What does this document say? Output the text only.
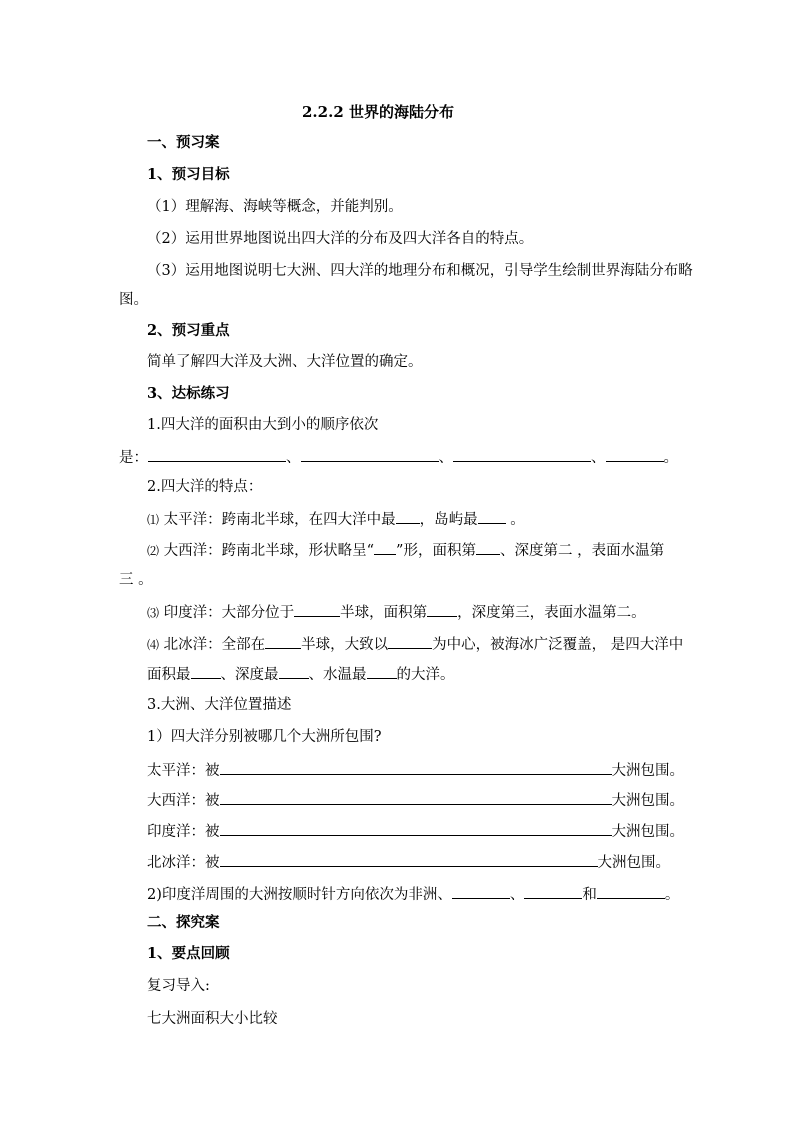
2.2.2 世界的海陆分布
一、预习案
1、预习目标
（1）理解海、海峡等概念，并能判别。
（2）运用世界地图说出四大洋的分布及四大洋各自的特点。
（3）运用地图说明七大洲、四大洋的地理分布和概况，引导学生绘制世界海陆分布略
图。
2、预习重点
简单了解四大洋及大洲、大洋位置的确定。
3、达标练习
1.四大洋的面积由大到小的顺序依次
是：	、	、	、	。
2.四大洋的特点：
⑴ 太平洋：跨南北半球，在四大洋中最 ，岛屿最 。
⑵ 大西洋：跨南北半球，形状略呈“ ”形，面积第 、深度第二 ，表面水温第
三 。
⑶ 印度洋：大部分位于	半球，面积第 ，深度第三，表面水温第二。
⑷ 北冰洋：全部在 半球，大致以	为中心，被海冰广泛覆盖， 是四大洋中
面积最 、深度最 、水温最 的大洋。
3.大洲、大洋位置描述
1）四大洋分别被哪几个大洲所包围?
太平洋：被	大洲包围。
大西洋：被	大洲包围。
印度洋：被	大洲包围。
北冰洋：被	大洲包围。
2)印度洋周围的大洲按顺时针方向依次为非洲、	、	和	。
二、探究案
1、要点回顾
复习导入:
七大洲面积大小比较
